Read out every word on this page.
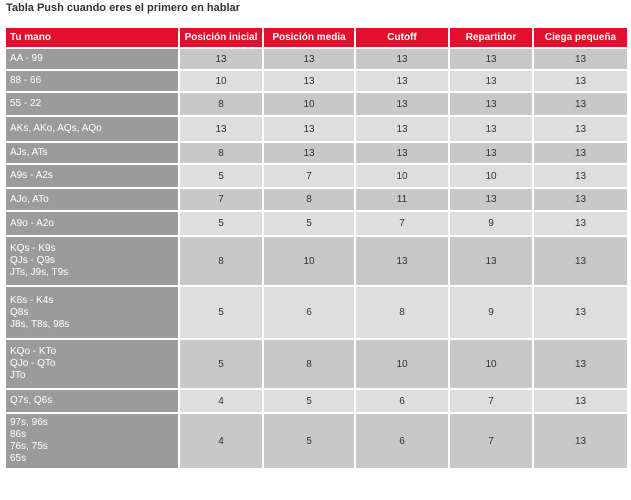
Tabla Push cuando eres el primero en hablar
Tu mano	Posición inicial	Posición media	Cutoff	Repartidor	Ciega pequeña

AA - 99	13	13	13	13	13

88 - 66	10	13	13	13	13

55 - 22	8	10	13	13	13

AKs, AKo, AQs, AQo	13	13	13	13	13

AJs, ATs	8	13	13	13	13

A9s - A2s	5	7	10	10	13

AJo, ATo	7	8	11	13	13

A9o - A2o	5	5	7	9	13

KQs - K9s
QJs - Q9s
JTs, J9s, T9s	8	10	13	13	13

K8s - K4s
Q8s
J8s, T8s, 98s	5	6	8	9	13

KQo - KTo
QJo - QTo
JTo	5	8	10	10	13

Q7s, Q6s	4	5	6	7	13

97s, 96s
86s
76s, 75s
65s	4	5	6	7	13
